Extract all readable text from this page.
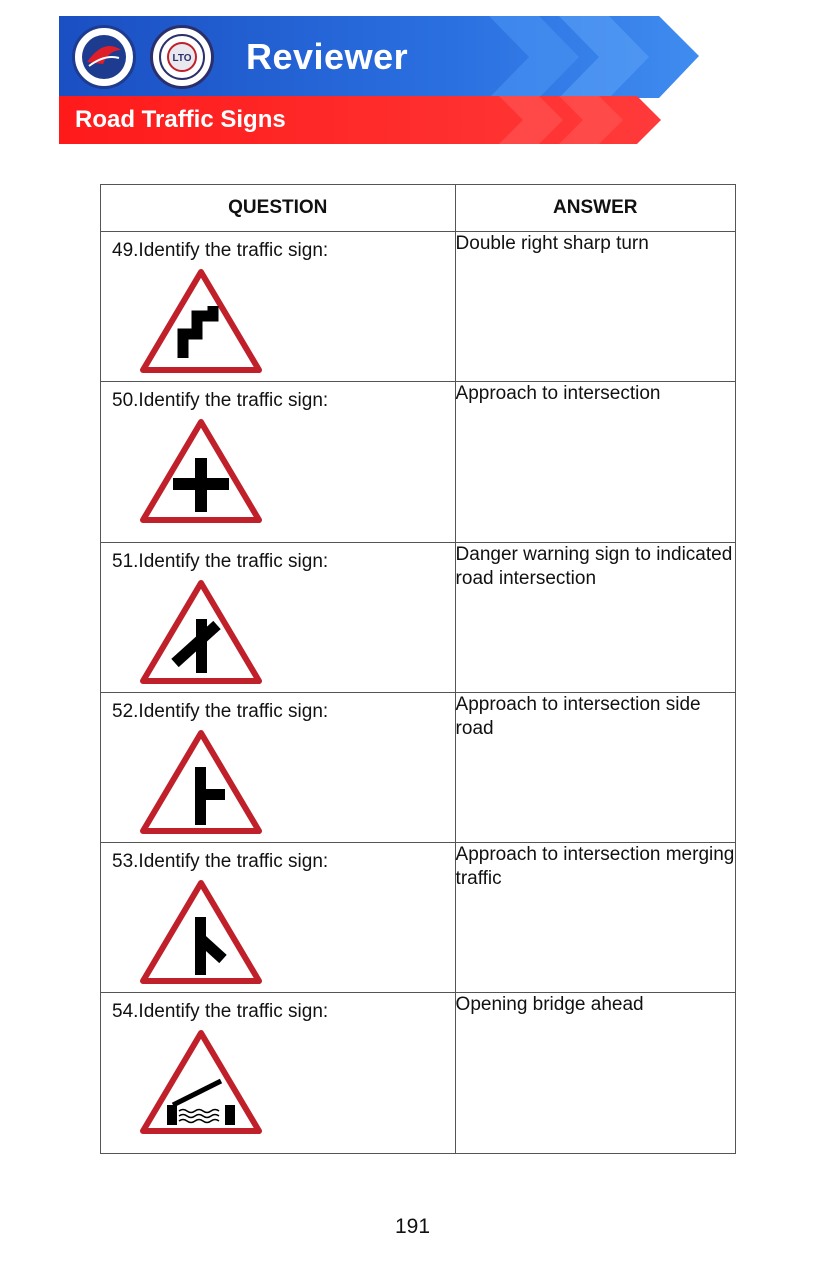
LTO Reviewer
Road Traffic Signs
QUESTION	ANSWER

49.Identify the traffic sign:	Double right sharp turn

50.Identify the traffic sign:	Approach to intersection

51.Identify the traffic sign:	Danger warning sign to indicated road intersection

52.Identify the traffic sign:	Approach to intersection side road

53.Identify the traffic sign:	Approach to intersection merging traffic

54.Identify the traffic sign:	Opening bridge ahead
191
